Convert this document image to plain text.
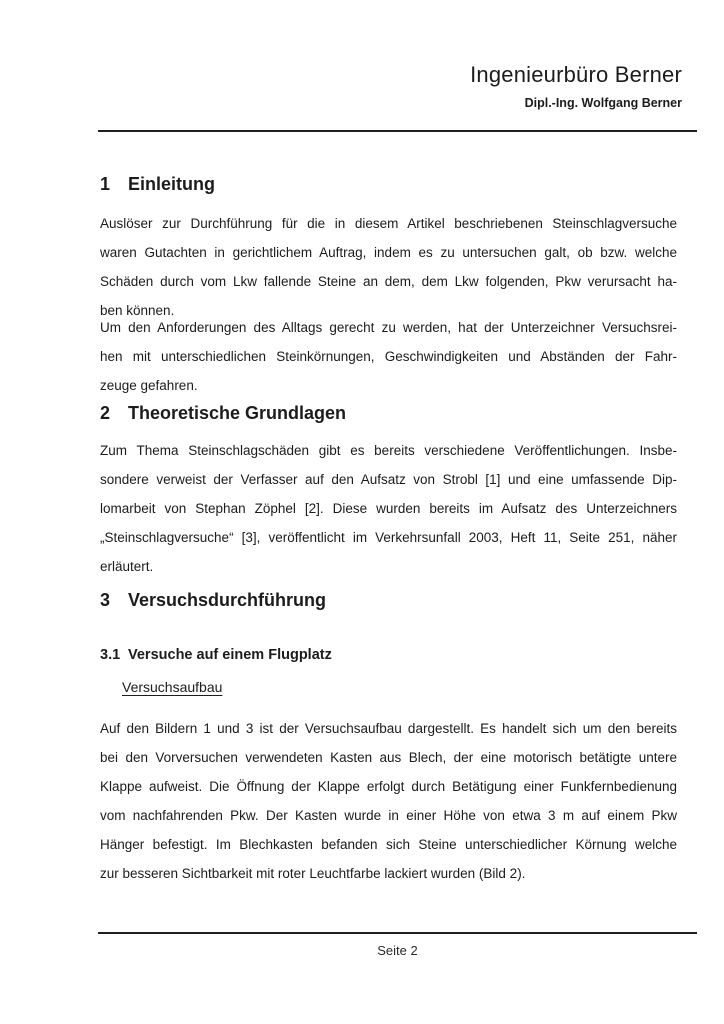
Ingenieurbüro Berner
Dipl.-Ing. Wolfgang Berner
1 Einleitung
Auslöser zur Durchführung für die in diesem Artikel beschriebenen Steinschlagversuche
waren Gutachten in gerichtlichem Auftrag, indem es zu untersuchen galt, ob bzw. welche
Schäden durch vom Lkw fallende Steine an dem, dem Lkw folgenden, Pkw verursacht ha-
ben können.
Um den Anforderungen des Alltags gerecht zu werden, hat der Unterzeichner Versuchsrei-
hen mit unterschiedlichen Steinkörnungen, Geschwindigkeiten und Abständen der Fahr-
zeuge gefahren.
2 Theoretische Grundlagen
Zum Thema Steinschlagschäden gibt es bereits verschiedene Veröffentlichungen. Insbe-
sondere verweist der Verfasser auf den Aufsatz von Strobl [1] und eine umfassende Dip-
lomarbeit von Stephan Zöphel [2]. Diese wurden bereits im Aufsatz des Unterzeichners
„Steinschlagversuche“ [3], veröffentlicht im Verkehrsunfall 2003, Heft 11, Seite 251, näher
erläutert.
3 Versuchsdurchführung
3.1 Versuche auf einem Flugplatz
Versuchsaufbau
Auf den Bildern 1 und 3 ist der Versuchsaufbau dargestellt. Es handelt sich um den bereits
bei den Vorversuchen verwendeten Kasten aus Blech, der eine motorisch betätigte untere
Klappe aufweist. Die Öffnung der Klappe erfolgt durch Betätigung einer Funkfernbedienung
vom nachfahrenden Pkw. Der Kasten wurde in einer Höhe von etwa 3 m auf einem Pkw
Hänger befestigt. Im Blechkasten befanden sich Steine unterschiedlicher Körnung welche
zur besseren Sichtbarkeit mit roter Leuchtfarbe lackiert wurden (Bild 2).
Seite 2
